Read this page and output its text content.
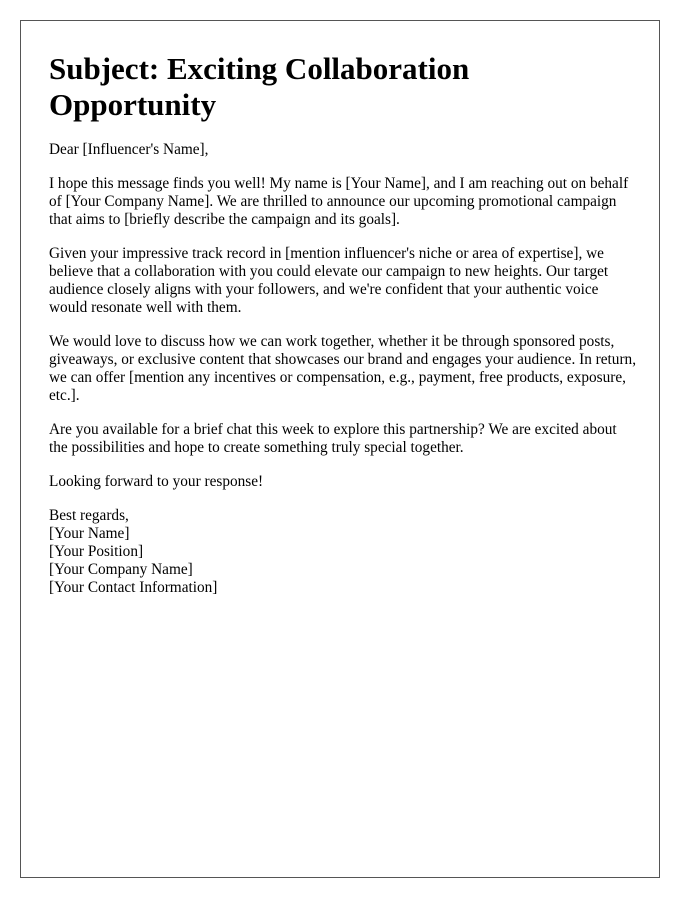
Subject: Exciting Collaboration Opportunity

Dear [Influencer's Name],

I hope this message finds you well! My name is [Your Name], and I am reaching out on behalf of [Your Company Name]. We are thrilled to announce our upcoming promotional campaign that aims to [briefly describe the campaign and its goals].

Given your impressive track record in [mention influencer's niche or area of expertise], we believe that a collaboration with you could elevate our campaign to new heights. Our target audience closely aligns with your followers, and we're confident that your authentic voice would resonate well with them.

We would love to discuss how we can work together, whether it be through sponsored posts, giveaways, or exclusive content that showcases our brand and engages your audience. In return, we can offer [mention any incentives or compensation, e.g., payment, free products, exposure, etc.].

Are you available for a brief chat this week to explore this partnership? We are excited about the possibilities and hope to create something truly special together.

Looking forward to your response!

Best regards,

[Your Name]

[Your Position]

[Your Company Name]

[Your Contact Information]
